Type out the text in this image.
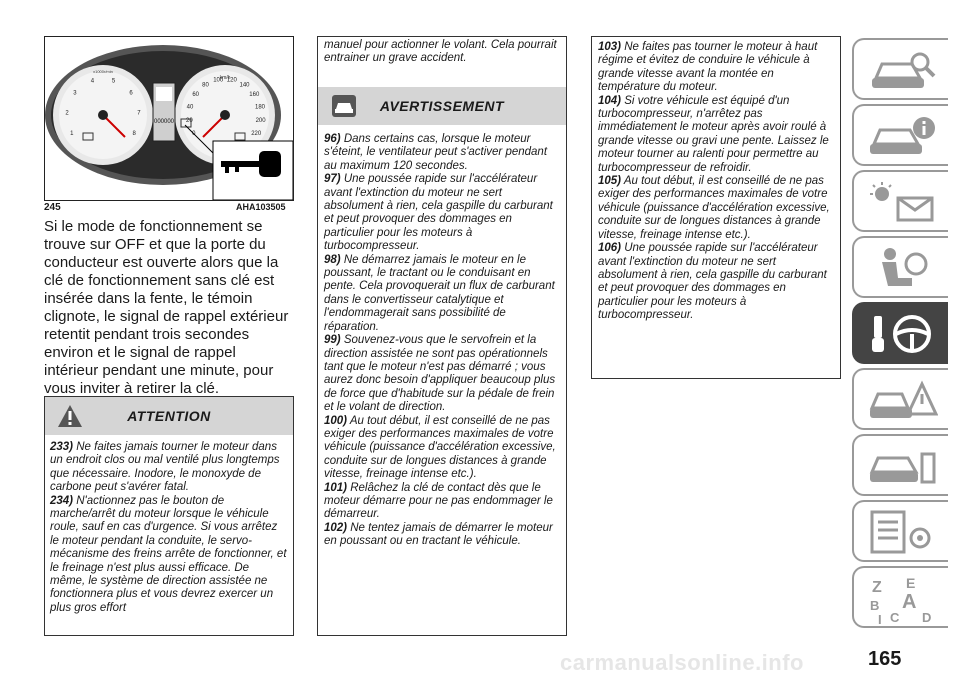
1
2
3
4	5
6
7
8
x1000r/min
0
20
40
60
80
100 120
140
160
180
200
220
km/h
000000
245	AHA103505
Si le mode de fonctionnement se trouve sur OFF et que la porte du conducteur est ouverte alors que la clé de fonctionnement sans clé est insérée dans la fente, le témoin clignote, le signal de rappel extérieur retentit pendant trois secondes environ et le signal de rappel intérieur pendant une minute, pour vous inviter à retirer la clé.
ATTENTION

233) Ne faites jamais tourner le moteur dans un endroit clos ou mal ventilé plus longtemps que nécessaire. Inodore, le monoxyde de carbone peut s'avérer fatal.

234) N'actionnez pas le bouton de marche/arrêt du moteur lorsque le véhicule roule, sauf en cas d'urgence. Si vous arrêtez le moteur pendant la conduite, le servo-mécanisme des freins arrête de fonctionner, et le freinage n'est plus aussi efficace. De même, le système de direction assistée ne fonctionnera plus et vous devrez exercer un plus gros effort

manuel pour actionner le volant. Cela pourrait entrainer un grave accident.
AVERTISSEMENT

96) Dans certains cas, lorsque le moteur s'éteint, le ventilateur peut s'activer pendant au maximum 120 secondes.

97) Une poussée rapide sur l'accélérateur avant l'extinction du moteur ne sert absolument à rien, cela gaspille du carburant et peut provoquer des dommages en particulier pour les moteurs à turbocompresseur.

98) Ne démarrez jamais le moteur en le poussant, le tractant ou le conduisant en pente. Cela provoquerait un flux de carburant dans le convertisseur catalytique et l'endommagerait sans possibilité de réparation.

99) Souvenez-vous que le servofrein et la direction assistée ne sont pas opérationnels tant que le moteur n'est pas démarré ; vous aurez donc besoin d'appliquer beaucoup plus de force que d'habitude sur la pédale de frein et le volant de direction.

100) Au tout début, il est conseillé de ne pas exiger des performances maximales de votre véhicule (puissance d'accélération excessive, conduite sur de longues distances à grande vitesse, freinage intense etc.).

101) Relâchez la clé de contact dès que le moteur démarre pour ne pas endommager le démarreur.

102) Ne tentez jamais de démarrer le moteur en poussant ou en tractant le véhicule.

103) Ne faites pas tourner le moteur à haut régime et évitez de conduire le véhicule à grande vitesse avant la montée en température du moteur.

104) Si votre véhicule est équipé d'un turbocompresseur, n'arrêtez pas immédiatement le moteur après avoir roulé à grande vitesse ou gravi une pente. Laissez le moteur tourner au ralenti pour permettre au turbocompresseur de refroidir.

105) Au tout début, il est conseillé de ne pas exiger des performances maximales de votre véhicule (puissance d'accélération excessive, conduite sur de longues distances à grande vitesse, freinage intense etc.).

106) Une poussée rapide sur l'accélérateur avant l'extinction du moteur ne sert absolument à rien, cela gaspille du carburant et peut provoquer des dommages en particulier pour les moteurs à turbocompresseur.

Z E
A
B
C D
I
carmanualsonline.info	165
